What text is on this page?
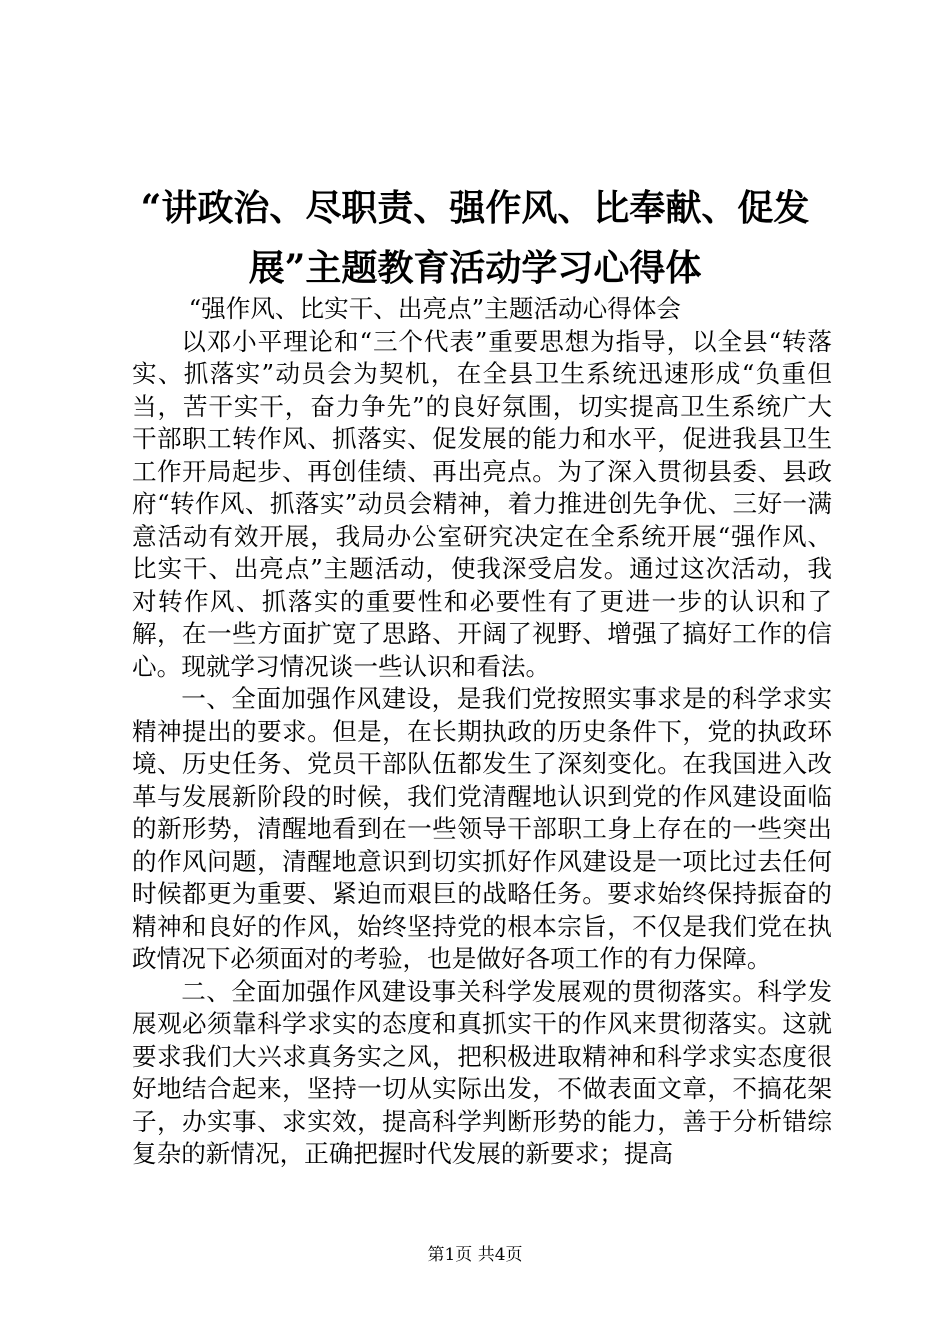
“讲政治、尽职责、强作风、比奉献、促发
展”主题教育活动学习心得体

“强作风、比实干、出亮点”主题活动心得体会

以邓小平理论和“三个代表”重要思想为指导，以全县“转落实、抓落实”动员会为契机，在全县卫生系统迅速形成“负重但当，苦干实干，奋力争先”的良好氛围，切实提高卫生系统广大干部职工转作风、抓落实、促发展的能力和水平，促进我县卫生工作开局起步、再创佳绩、再出亮点。为了深入贯彻县委、县政府“转作风、抓落实”动员会精神，着力推进创先争优、三好一满意活动有效开展，我局办公室研究决定在全系统开展“强作风、比实干、出亮点”主题活动，使我深受启发。通过这次活动，我对转作风、抓落实的重要性和必要性有了更进一步的认识和了解，在一些方面扩宽了思路、开阔了视野、增强了搞好工作的信心。现就学习情况谈一些认识和看法。

一、全面加强作风建设，是我们党按照实事求是的科学求实精神提出的要求。但是，在长期执政的历史条件下，党的执政环境、历史任务、党员干部队伍都发生了深刻变化。在我国进入改革与发展新阶段的时候，我们党清醒地认识到党的作风建设面临的新形势，清醒地看到在一些领导干部职工身上存在的一些突出的作风问题，清醒地意识到切实抓好作风建设是一项比过去任何时候都更为重要、紧迫而艰巨的战略任务。要求始终保持振奋的精神和良好的作风，始终坚持党的根本宗旨，不仅是我们党在执政情况下必须面对的考验，也是做好各项工作的有力保障。

二、全面加强作风建设事关科学发展观的贯彻落实。科学发展观必须靠科学求实的态度和真抓实干的作风来贯彻落实。这就要求我们大兴求真务实之风，把积极进取精神和科学求实态度很好地结合起来，坚持一切从实际出发，不做表面文章，不搞花架子，办实事、求实效，提高科学判断形势的能力，善于分析错综复杂的新情况，正确把握时代发展的新要求；提高

第1页 共4页
